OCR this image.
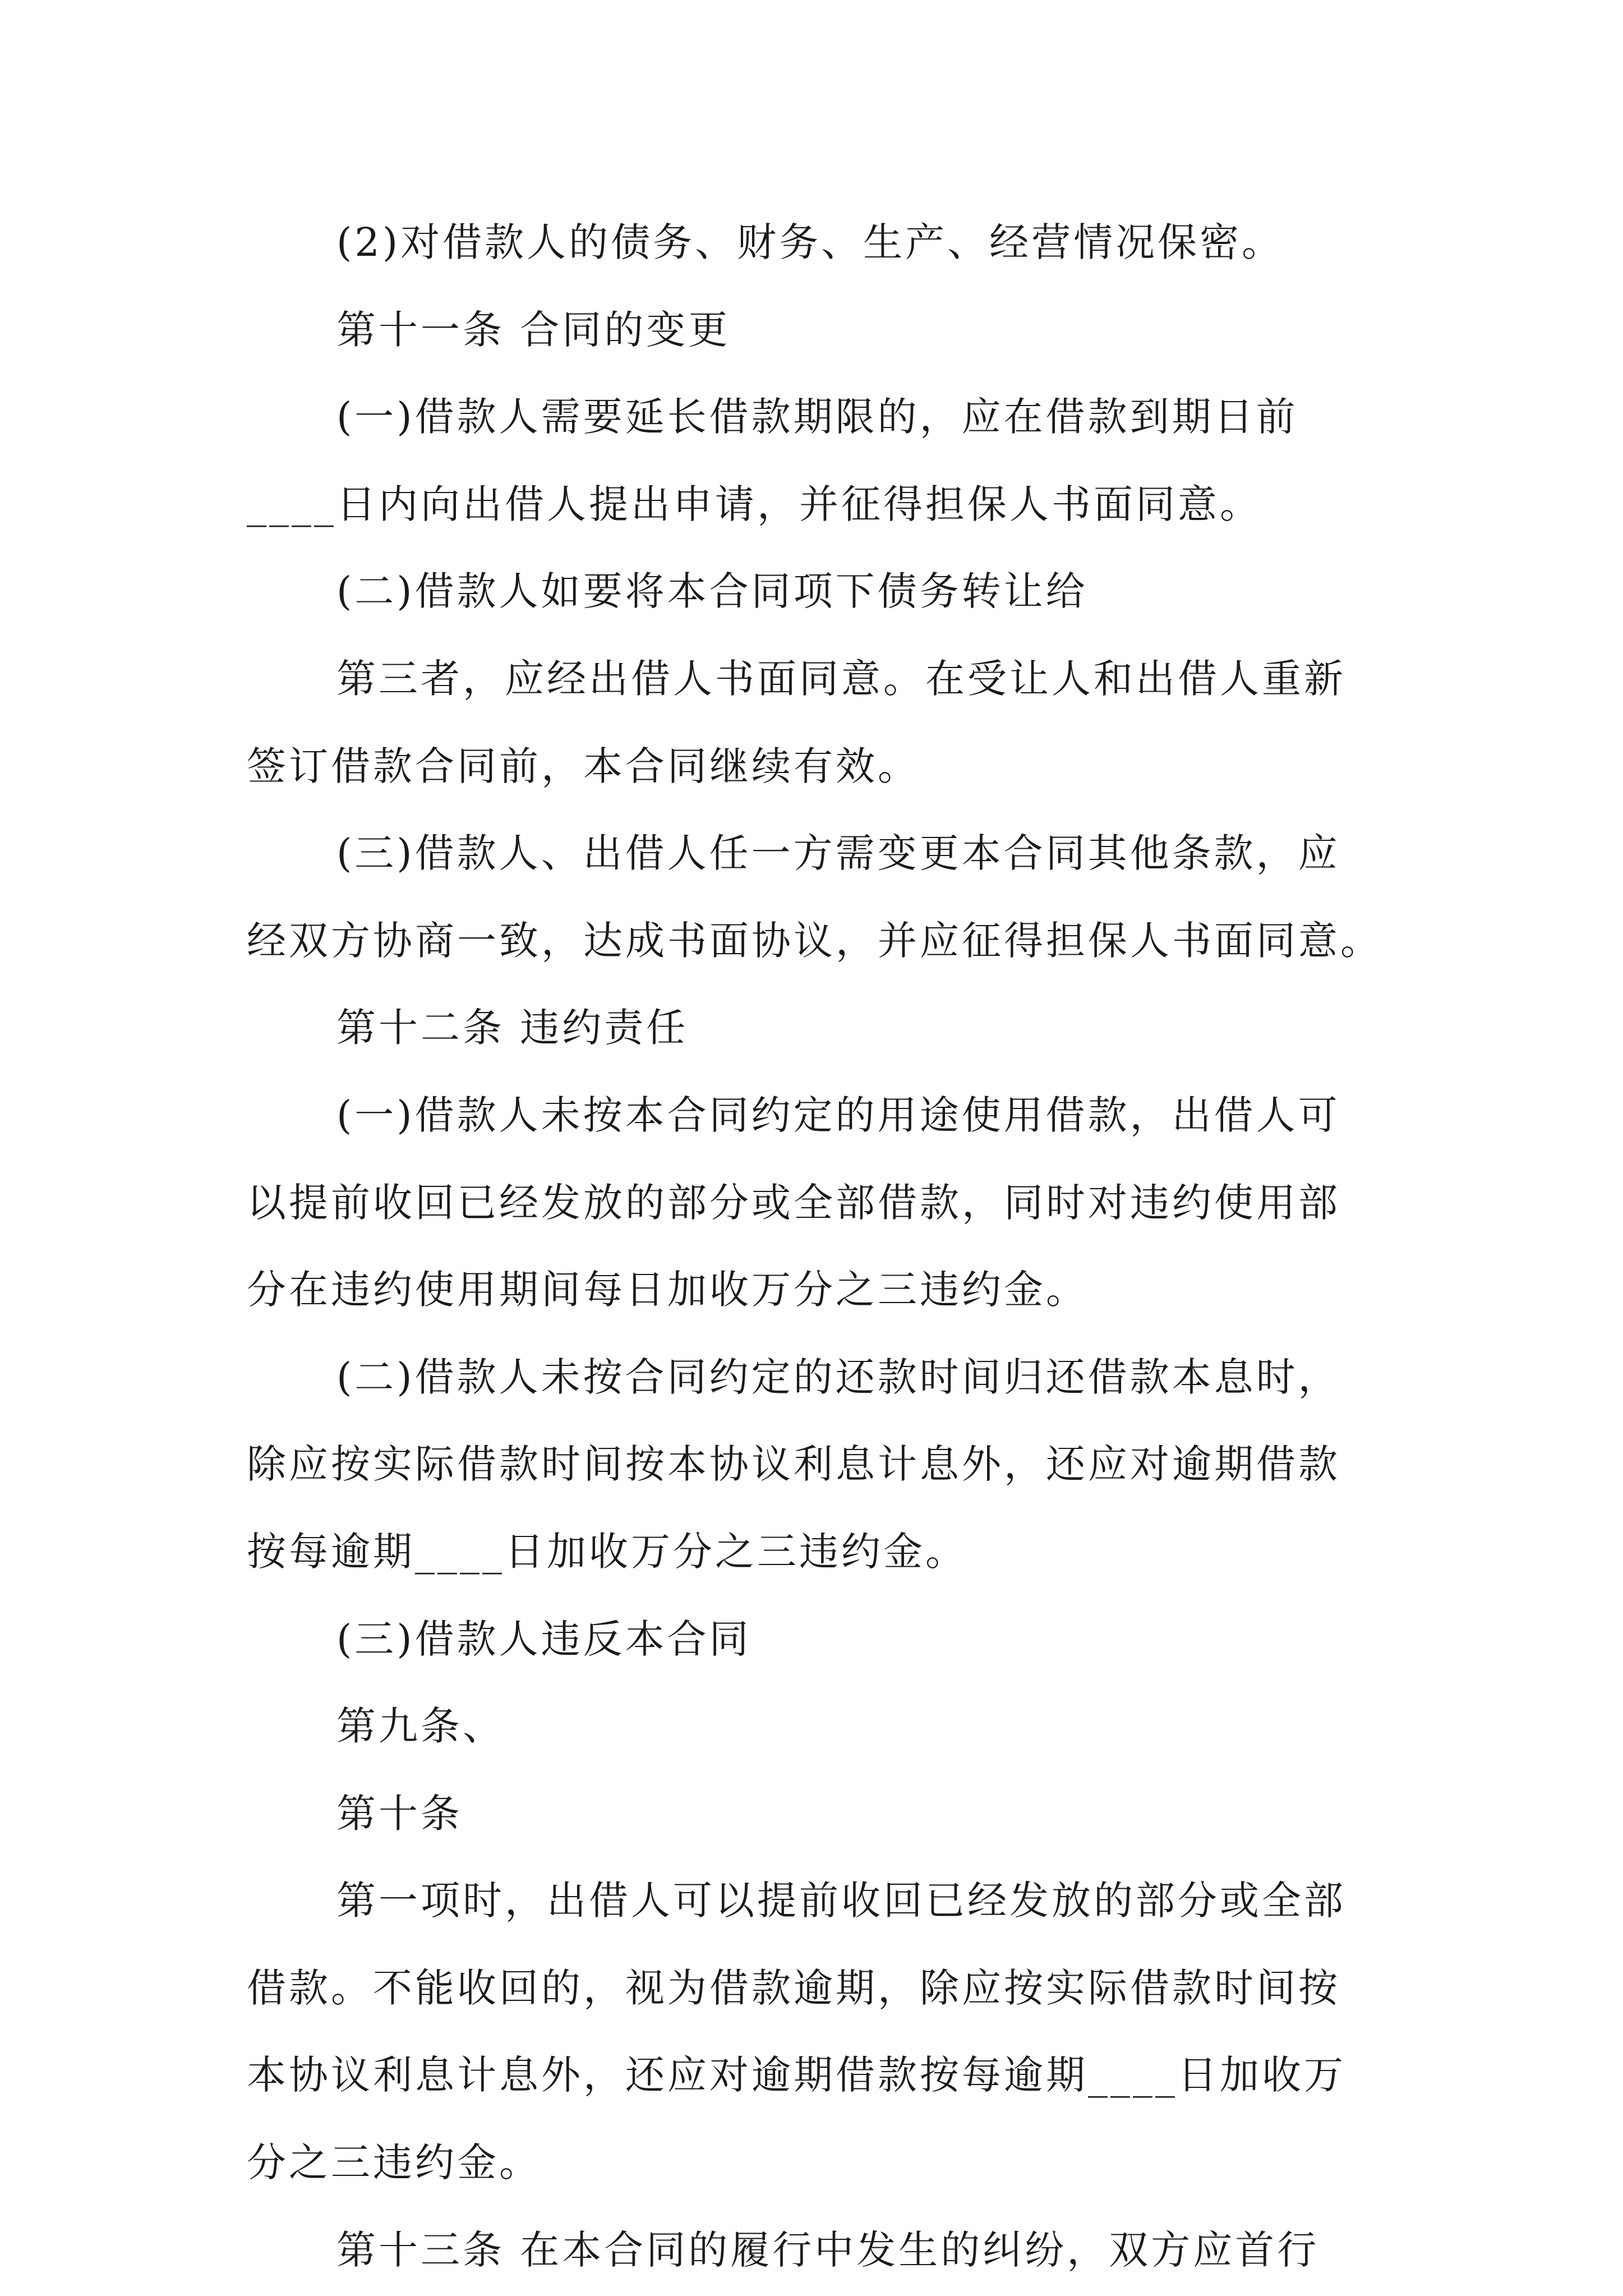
(2)对借款人的债务、财务、生产、经营情况保密。
第十一条 合同的变更
(一)借款人需要延长借款期限的，应在借款到期日前
____日内向出借人提出申请，并征得担保人书面同意。
(二)借款人如要将本合同项下债务转让给
第三者，应经出借人书面同意。在受让人和出借人重新
签订借款合同前，本合同继续有效。
(三)借款人、出借人任一方需变更本合同其他条款，应
经双方协商一致，达成书面协议，并应征得担保人书面同意。
第十二条 违约责任
(一)借款人未按本合同约定的用途使用借款，出借人可
以提前收回已经发放的部分或全部借款，同时对违约使用部
分在违约使用期间每日加收万分之三违约金。
(二)借款人未按合同约定的还款时间归还借款本息时，
除应按实际借款时间按本协议利息计息外，还应对逾期借款
按每逾期____日加收万分之三违约金。
(三)借款人违反本合同
第九条、
第十条
第一项时，出借人可以提前收回已经发放的部分或全部
借款。不能收回的，视为借款逾期，除应按实际借款时间按
本协议利息计息外，还应对逾期借款按每逾期____日加收万
分之三违约金。
第十三条 在本合同的履行中发生的纠纷，双方应首行
